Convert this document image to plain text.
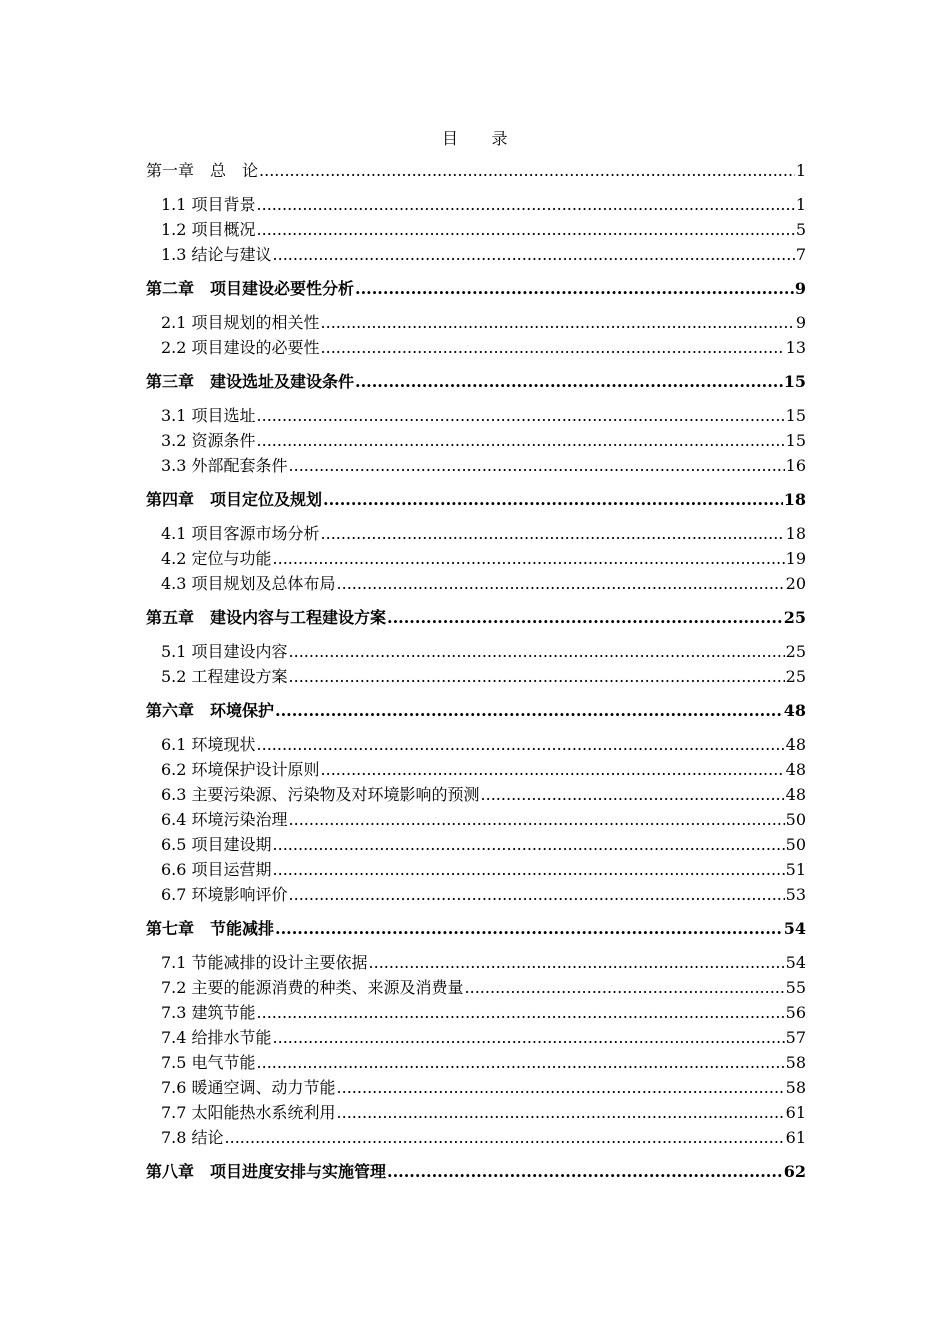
目　　录
第一章　总　论 .....	1
1.1 项目背景 .....	1
1.2 项目概况 .....	5
1.3 结论与建议 .....	7
第二章　项目建设必要性分析 .....	9
2.1 项目规划的相关性 .....	9
2.2 项目建设的必要性 .....	13
第三章　建设选址及建设条件 .....	15
3.1 项目选址 .....	15
3.2 资源条件 .....	15
3.3 外部配套条件 .....	16
第四章　项目定位及规划 .....	18
4.1 项目客源市场分析 .....	18
4.2 定位与功能 .....	19
4.3 项目规划及总体布局 .....	20
第五章　建设内容与工程建设方案 .....	25
5.1 项目建设内容 .....	25
5.2 工程建设方案 .....	25
第六章　环境保护 .....	48
6.1 环境现状 .....	48
6.2 环境保护设计原则 .....	48
6.3 主要污染源、污染物及对环境影响的预测 .....	48
6.4 环境污染治理 .....	50
6.5 项目建设期 .....	50
6.6 项目运营期 .....	51
6.7 环境影响评价 .....	53
第七章　节能减排 .....	54
7.1 节能减排的设计主要依据 .....	54
7.2 主要的能源消费的种类、来源及消费量 .....	55
7.3 建筑节能 .....	56
7.4 给排水节能 .....	57
7.5 电气节能 .....	58
7.6 暖通空调、动力节能 .....	58
7.7 太阳能热水系统利用 .....	61
7.8 结论 .....	61
第八章　项目进度安排与实施管理 .....	62
